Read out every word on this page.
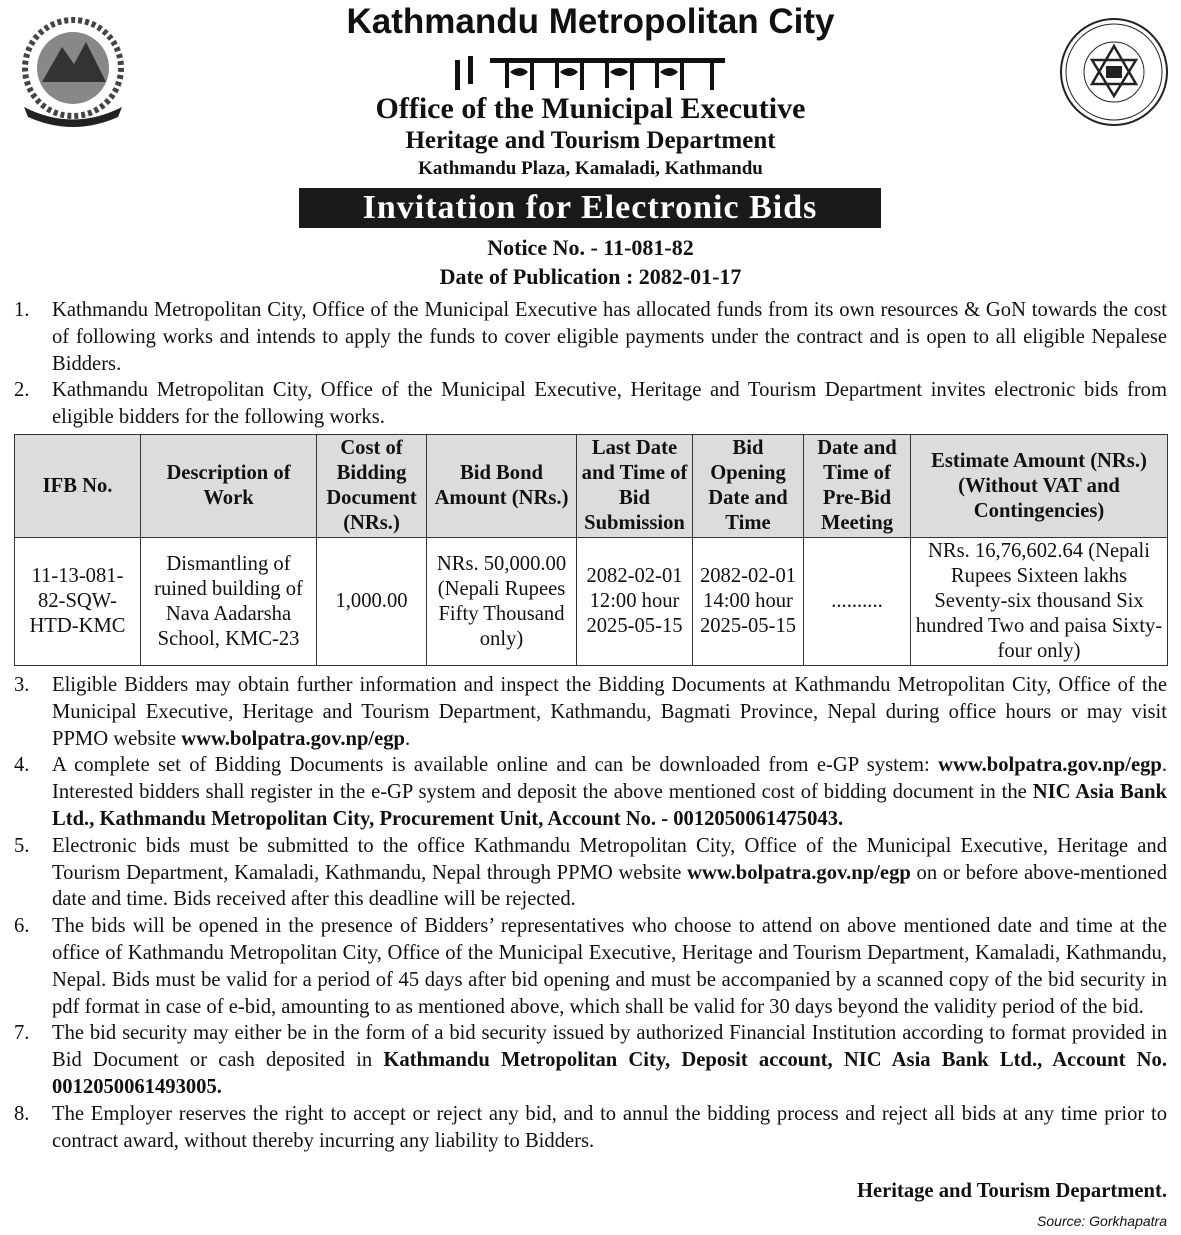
Kathmandu Metropolitan City
Office of the Municipal Executive
Heritage and Tourism Department
Kathmandu Plaza, Kamaladi, Kathmandu
Invitation for Electronic Bids
Notice No. - 11-081-82
Date of Publication : 2082-01-17
1. Kathmandu Metropolitan City, Office of the Municipal Executive has allocated funds from its own resources & GoN towards the cost of following works and intends to apply the funds to cover eligible payments under the contract and is open to all eligible Nepalese Bidders.
2. Kathmandu Metropolitan City, Office of the Municipal Executive, Heritage and Tourism Department invites electronic bids from eligible bidders for the following works.
IFB No.	Description of Work	Cost of Bidding Document (NRs.)	Bid Bond Amount (NRs.)	Last Date and Time of Bid Submission	Bid Opening Date and Time	Date and Time of Pre-Bid Meeting	Estimate Amount (NRs.) (Without VAT and Contingencies)
11-13-081-82-SQW-HTD-KMC	Dismantling of ruined building of Nava Aadarsha School, KMC-23	1,000.00	NRs. 50,000.00 (Nepali Rupees Fifty Thousand only)	2082-02-01 12:00 hour 2025-05-15	2082-02-01 14:00 hour 2025-05-15	..........	NRs. 16,76,602.64 (Nepali Rupees Sixteen lakhs Seventy-six thousand Six hundred Two and paisa Sixty-four only)
3. Eligible Bidders may obtain further information and inspect the Bidding Documents at Kathmandu Metropolitan City, Office of the Municipal Executive, Heritage and Tourism Department, Kathmandu, Bagmati Province, Nepal during office hours or may visit PPMO website www.bolpatra.gov.np/egp.
4. A complete set of Bidding Documents is available online and can be downloaded from e-GP system: www.bolpatra.gov.np/egp. Interested bidders shall register in the e-GP system and deposit the above mentioned cost of bidding document in the NIC Asia Bank Ltd., Kathmandu Metropolitan City, Procurement Unit, Account No. - 0012050061475043.
5. Electronic bids must be submitted to the office Kathmandu Metropolitan City, Office of the Municipal Executive, Heritage and Tourism Department, Kamaladi, Kathmandu, Nepal through PPMO website www.bolpatra.gov.np/egp on or before above-mentioned date and time. Bids received after this deadline will be rejected.
6. The bids will be opened in the presence of Bidders’ representatives who choose to attend on above mentioned date and time at the office of Kathmandu Metropolitan City, Office of the Municipal Executive, Heritage and Tourism Department, Kamaladi, Kathmandu, Nepal. Bids must be valid for a period of 45 days after bid opening and must be accompanied by a scanned copy of the bid security in pdf format in case of e-bid, amounting to as mentioned above, which shall be valid for 30 days beyond the validity period of the bid.
7. The bid security may either be in the form of a bid security issued by authorized Financial Institution according to format provided in Bid Document or cash deposited in Kathmandu Metropolitan City, Deposit account, NIC Asia Bank Ltd., Account No. 0012050061493005.
8. The Employer reserves the right to accept or reject any bid, and to annul the bidding process and reject all bids at any time prior to contract award, without thereby incurring any liability to Bidders.
Heritage and Tourism Department.
Source: Gorkhapatra
